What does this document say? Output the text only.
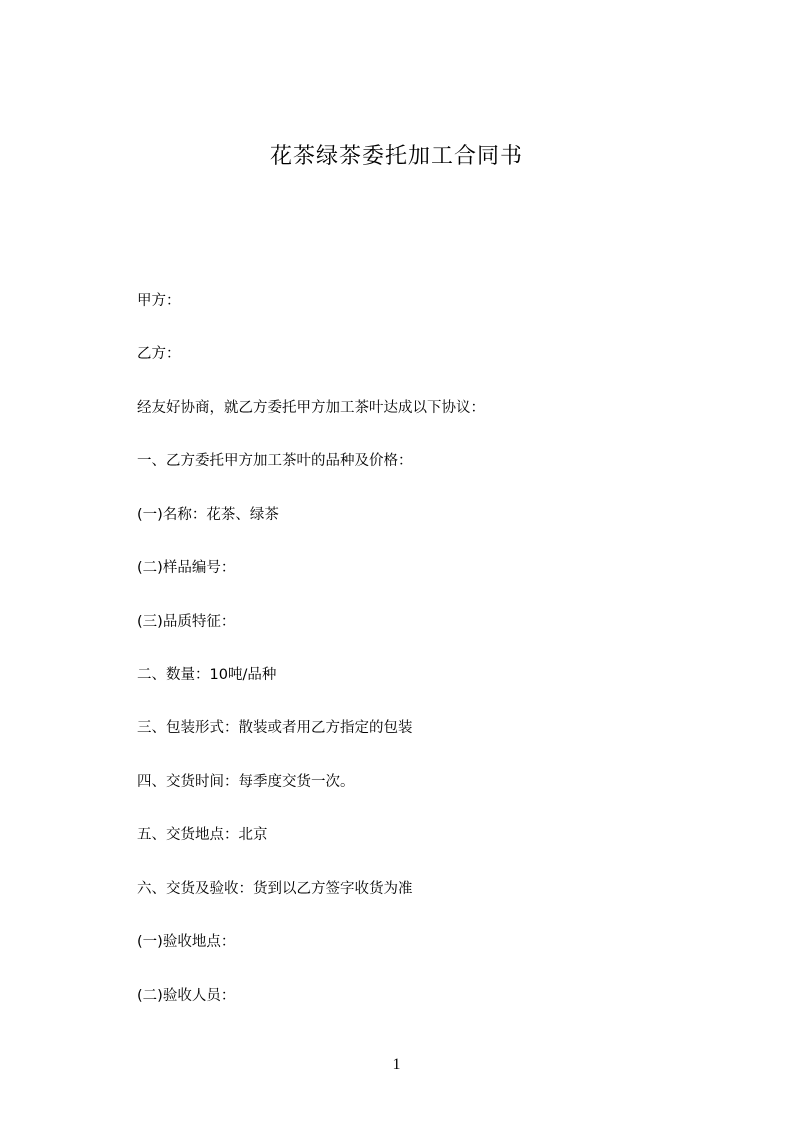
花茶绿茶委托加工合同书
甲方：
乙方：
经友好协商，就乙方委托甲方加工茶叶达成以下协议：
一、乙方委托甲方加工茶叶的品种及价格：
(一)名称：花茶、绿茶
(二)样品编号：
(三)品质特征：
二、数量：10吨/品种
三、包装形式：散装或者用乙方指定的包装
四、交货时间：每季度交货一次。
五、交货地点：北京
六、交货及验收：货到以乙方签字收货为准
(一)验收地点：
(二)验收人员：
1
